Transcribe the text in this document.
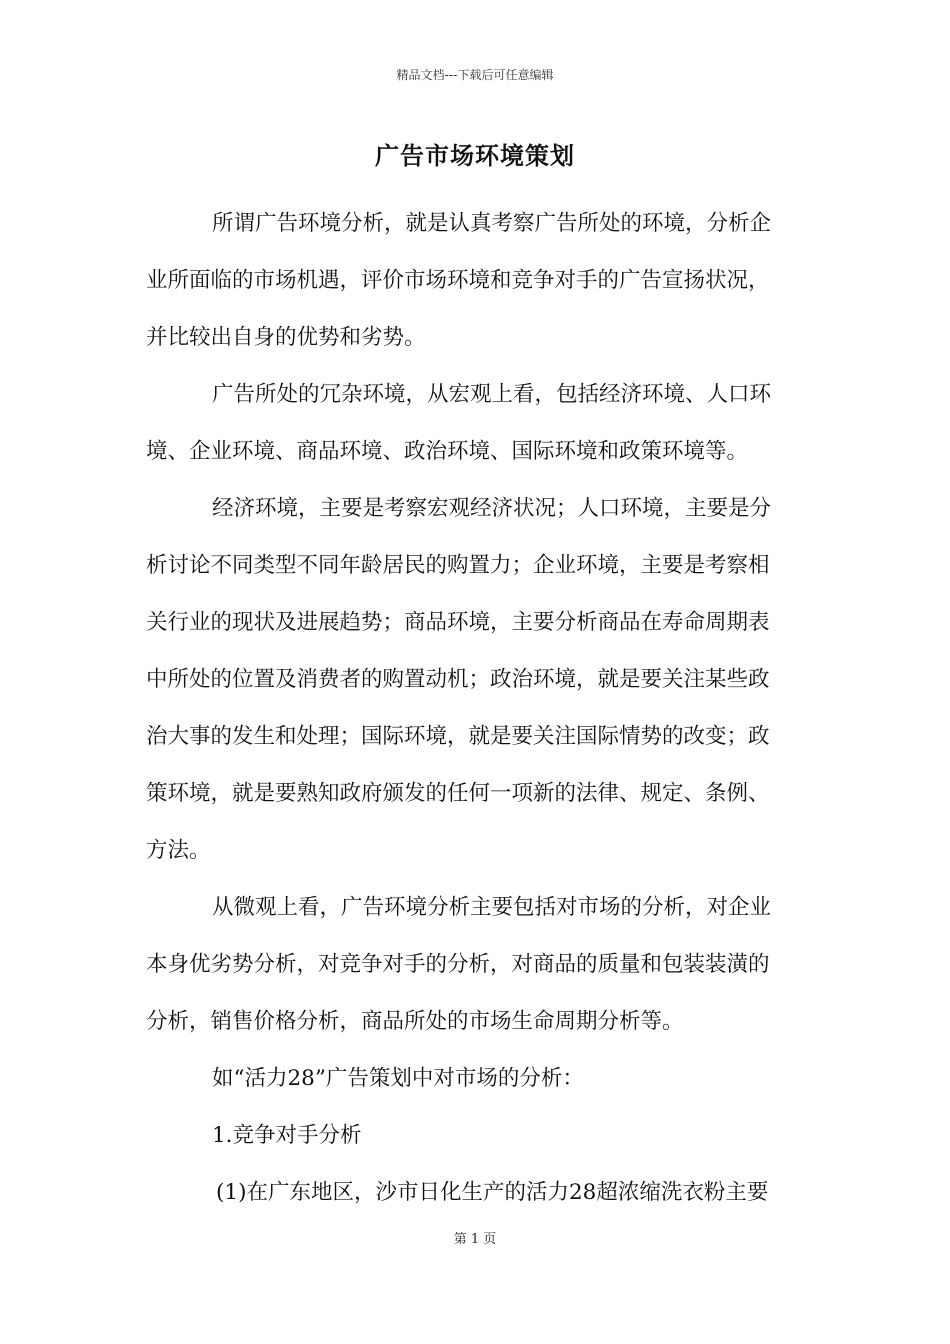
精品文档---下载后可任意编辑
广告市场环境策划
所谓广告环境分析，就是认真考察广告所处的环境，分析企
业所面临的市场机遇，评价市场环境和竞争对手的广告宣扬状况，
并比较出自身的优势和劣势。
广告所处的冗杂环境，从宏观上看，包括经济环境、人口环
境、企业环境、商品环境、政治环境、国际环境和政策环境等。
经济环境，主要是考察宏观经济状况；人口环境，主要是分
析讨论不同类型不同年龄居民的购置力；企业环境，主要是考察相
关行业的现状及进展趋势；商品环境，主要分析商品在寿命周期表
中所处的位置及消费者的购置动机；政治环境，就是要关注某些政
治大事的发生和处理；国际环境，就是要关注国际情势的改变；政
策环境，就是要熟知政府颁发的任何一项新的法律、规定、条例、
方法。
从微观上看，广告环境分析主要包括对市场的分析，对企业
本身优劣势分析，对竞争对手的分析，对商品的质量和包装装潢的
分析，销售价格分析，商品所处的市场生命周期分析等。
如“活力28”广告策划中对市场的分析：
1.竞争对手分析
(1)在广东地区，沙市日化生产的活力28超浓缩洗衣粉主要
第 1 页
